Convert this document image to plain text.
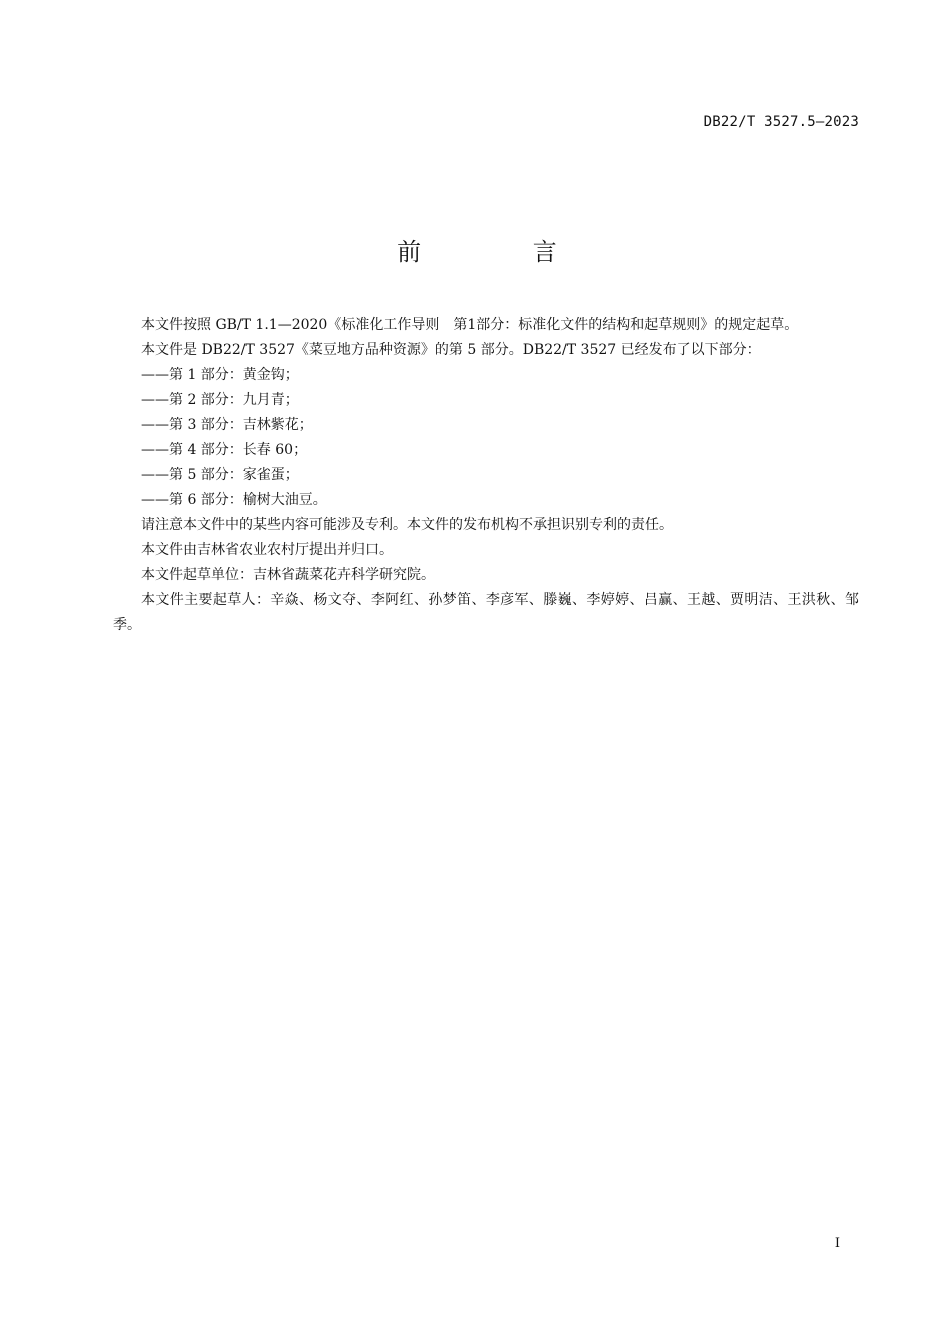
DB22/T 3527.5—2023
前 言

本文件按照 GB/T 1.1—2020《标准化工作导则　第1部分：标准化文件的结构和起草规则》的规定起草。

本文件是 DB22/T 3527《菜豆地方品种资源》的第 5 部分。DB22/T 3527 已经发布了以下部分：

——第 1 部分：黄金钩；

——第 2 部分：九月青；

——第 3 部分：吉林紫花；

——第 4 部分：长春 60；

——第 5 部分：家雀蛋；

——第 6 部分：榆树大油豆。

请注意本文件中的某些内容可能涉及专利。本文件的发布机构不承担识别专利的责任。

本文件由吉林省农业农村厅提出并归口。

本文件起草单位：吉林省蔬菜花卉科学研究院。

本文件主要起草人：辛焱、杨文夺、李阿红、孙梦笛、李彦军、滕巍、李婷婷、吕赢、王越、贾明洁、王洪秋、邹季。

I
